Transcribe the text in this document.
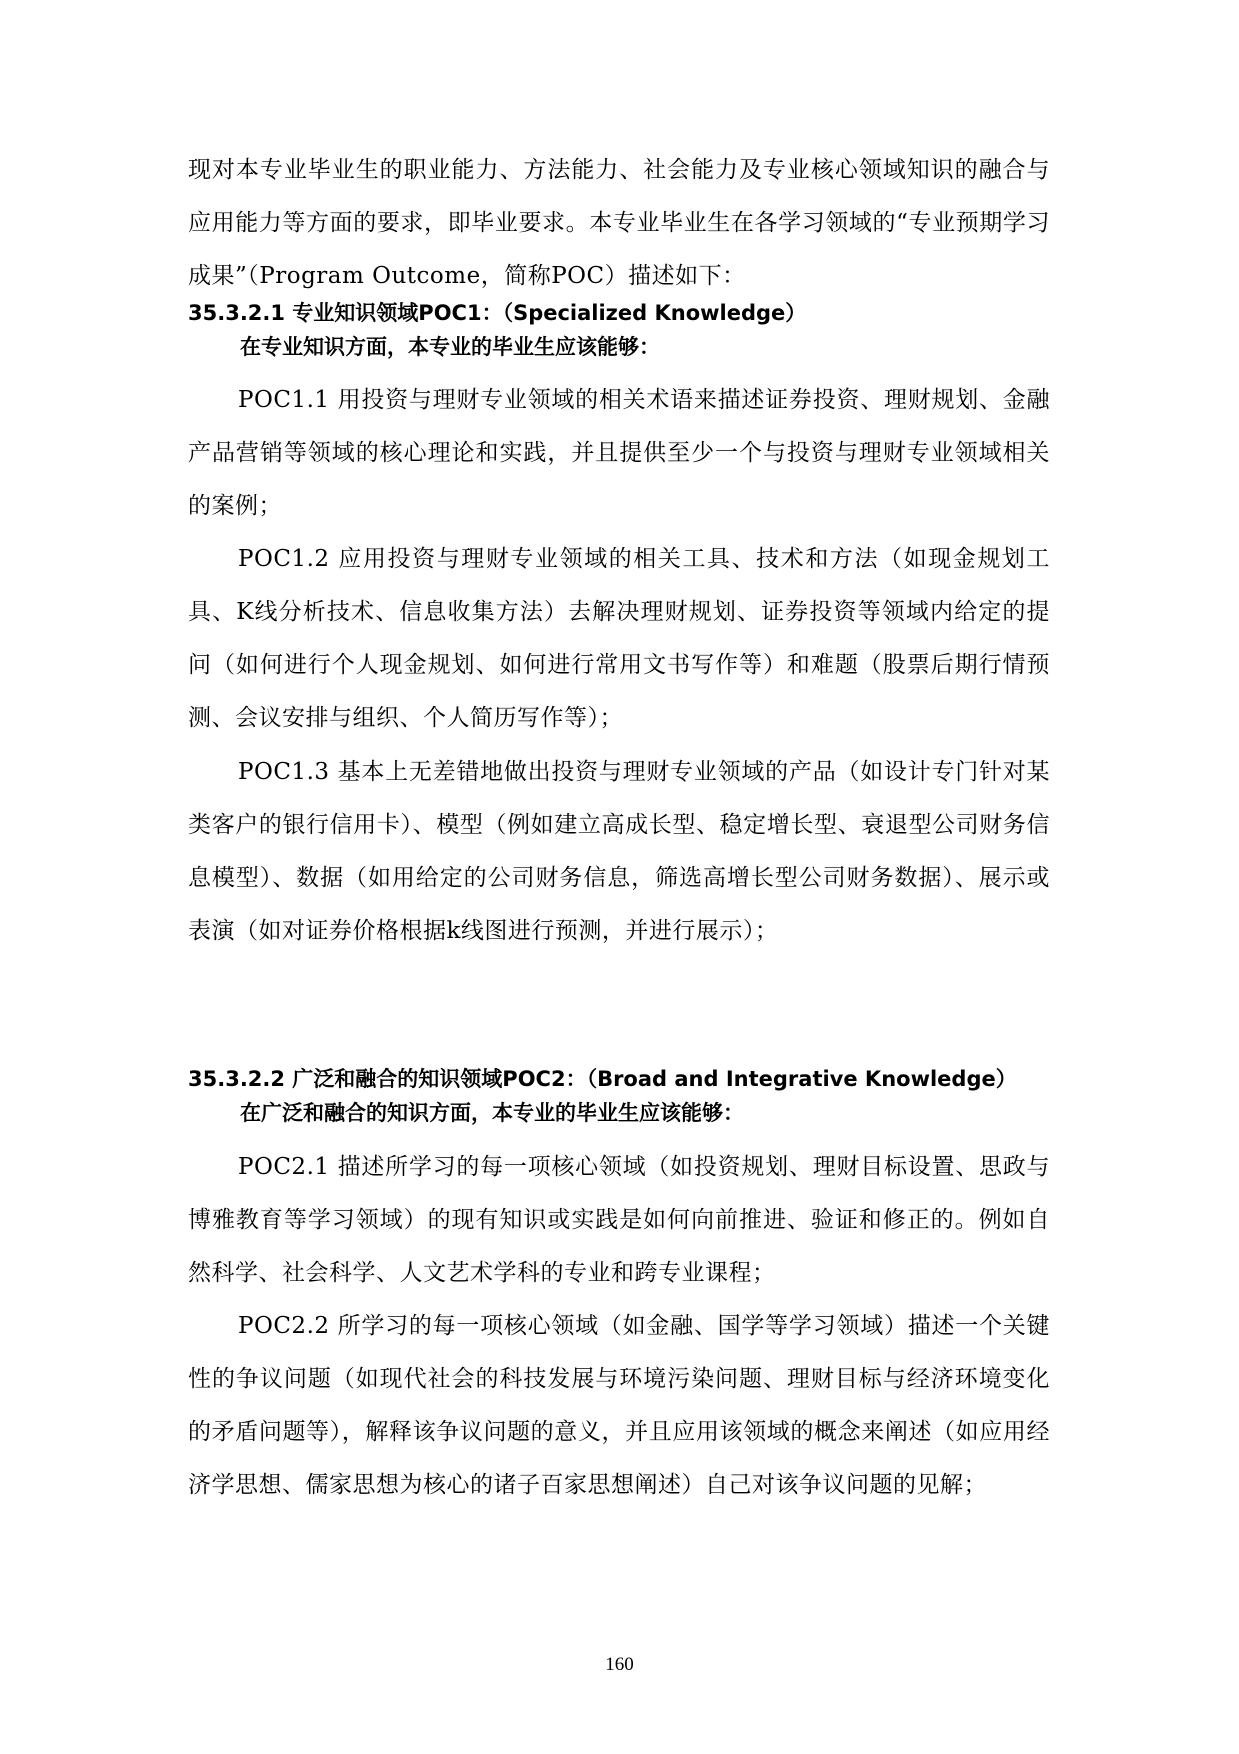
现对本专业毕业生的职业能力、方法能力、社会能力及专业核心领域知识的融合与应用能力等方面的要求，即毕业要求。本专业毕业生在各学习领域的“专业预期学习成果”（Program Outcome，简称POC）描述如下：

35.3.2.1 专业知识领域POC1：（Specialized Knowledge）
在专业知识方面，本专业的毕业生应该能够：

POC1.1 用投资与理财专业领域的相关术语来描述证券投资、理财规划、金融产品营销等领域的核心理论和实践，并且提供至少一个与投资与理财专业领域相关的案例；

POC1.2 应用投资与理财专业领域的相关工具、技术和方法（如现金规划工具、K线分析技术、信息收集方法）去解决理财规划、证券投资等领域内给定的提问（如何进行个人现金规划、如何进行常用文书写作等）和难题（股票后期行情预测、会议安排与组织、个人简历写作等）；

POC1.3 基本上无差错地做出投资与理财专业领域的产品（如设计专门针对某类客户的银行信用卡）、模型（例如建立高成长型、稳定增长型、衰退型公司财务信息模型）、数据（如用给定的公司财务信息，筛选高增长型公司财务数据）、展示或表演（如对证券价格根据k线图进行预测，并进行展示）；

35.3.2.2 广泛和融合的知识领域POC2：（Broad and Integrative Knowledge）
在广泛和融合的知识方面，本专业的毕业生应该能够：

POC2.1 描述所学习的每一项核心领域（如投资规划、理财目标设置、思政与博雅教育等学习领域）的现有知识或实践是如何向前推进、验证和修正的。例如自然科学、社会科学、人文艺术学科的专业和跨专业课程；

POC2.2 所学习的每一项核心领域（如金融、国学等学习领域）描述一个关键性的争议问题（如现代社会的科技发展与环境污染问题、理财目标与经济环境变化的矛盾问题等），解释该争议问题的意义，并且应用该领域的概念来阐述（如应用经济学思想、儒家思想为核心的诸子百家思想阐述）自己对该争议问题的见解；

160
